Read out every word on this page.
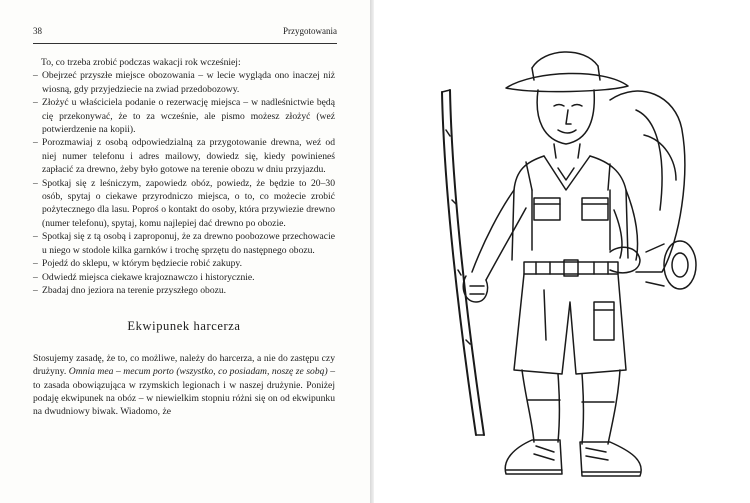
38	Przygotowania

To, co trzeba zrobić podczas wakacji rok wcześniej:

– Obejrzeć przyszłe miejsce obozowania – w lecie wygląda ono inaczej niż wiosną, gdy przyjedziecie na zwiad przedobozowy.
– Złożyć u właściciela podanie o rezerwację miejsca – w nadleśnictwie będą cię przekonywać, że to za wcześnie, ale pismo możesz złożyć (weź potwierdzenie na kopii).
– Porozmawiaj z osobą odpowiedzialną za przygotowanie drewna, weź od niej numer telefonu i adres mailowy, dowiedz się, kiedy powinieneś zapłacić za drewno, żeby było gotowe na terenie obozu w dniu przyjazdu.
– Spotkaj się z leśniczym, zapowiedz obóz, powiedz, że będzie to 20–30 osób, spytaj o ciekawe przyrodniczo miejsca, o to, co możecie zrobić pożytecznego dla lasu. Poproś o kontakt do osoby, która przywiezie drewno (numer telefonu), spytaj, komu najlepiej dać drewno po obozie.
– Spotkaj się z tą osobą i zaproponuj, że za drewno poobozowe przechowacie u niego w stodole kilka garnków i trochę sprzętu do następnego obozu.
– Pojedź do sklepu, w którym będziecie robić zakupy.
– Odwiedź miejsca ciekawe krajoznawczo i historycznie.
– Zbadaj dno jeziora na terenie przyszłego obozu.
Ekwipunek harcerza

Stosujemy zasadę, że to, co możliwe, należy do harcerza, a nie do zastępu czy drużyny. Omnia mea – mecum porto (wszystko, co posiadam, noszę ze sobą) – to zasada obowiązująca w rzymskich legionach i w naszej drużynie. Poniżej podaję ekwipunek na obóz – w niewielkim stopniu różni się on od ekwipunku na dwudniowy biwak. Wiadomo, że
